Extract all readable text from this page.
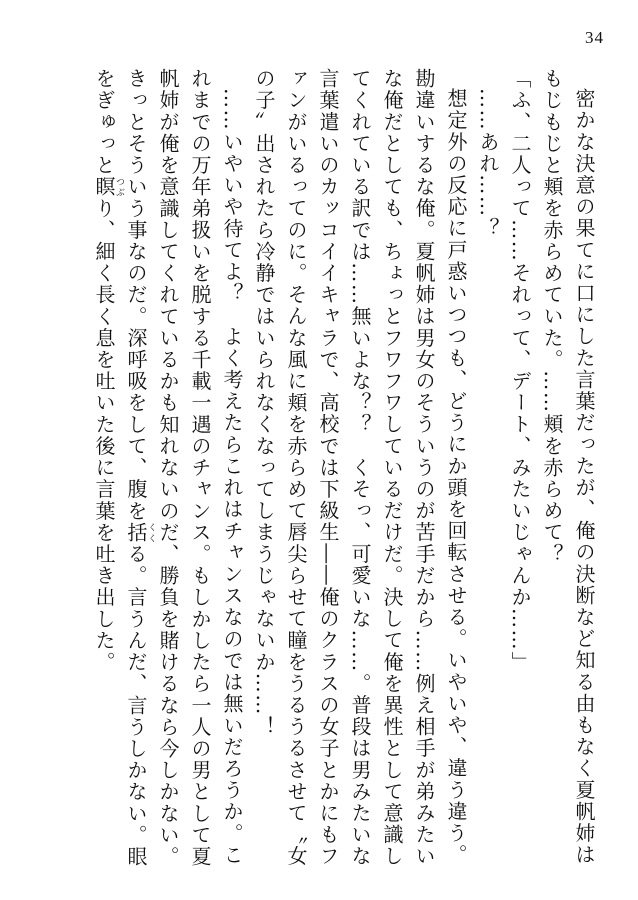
34

密かな決意の果てに口にした言葉だったが、俺の決断など知る由もなく夏帆姉はもじもじと頬を赤らめていた。……頬を赤らめて？

「ふ、二人って……それって、デート、みたいじゃんか……」

……あれ……？

想定外の反応に戸惑いつつも、どうにか頭を回転させる。いやいや、違う違う。勘違いするな俺。夏帆姉は男女のそういうのが苦手だから……例え相手が弟みたいな俺だとしても、ちょっとフワフワしているだけだ。決して俺を異性として意識してくれている訳では……無いよな？？　くそっ、可愛いな……。普段は男みたいな言葉遣いのカッコイイキャラで、高校では下級生――俺のクラスの女子とかにもファンがいるってのに。そんな風に頬を赤らめて唇尖らせて瞳をうるうるさせて〝女の子〟出されたら冷静ではいられなくなってしまうじゃないか……！

……いやいや待てよ？　よく考えたらこれはチャンスなのでは無いだろうか。これまでの万年弟扱いを脱する千載一遇のチャンス。もしかしたら一人の男として夏帆姉が俺を意識してくれているかも知れないのだ、勝負を賭けるなら今しかない。きっとそういう事なのだ。深呼吸をして、腹を括くくる。言うんだ、言うしかない。眼をぎゅっと瞑つぶり、細く長く息を吐いた後に言葉を吐き出した。
